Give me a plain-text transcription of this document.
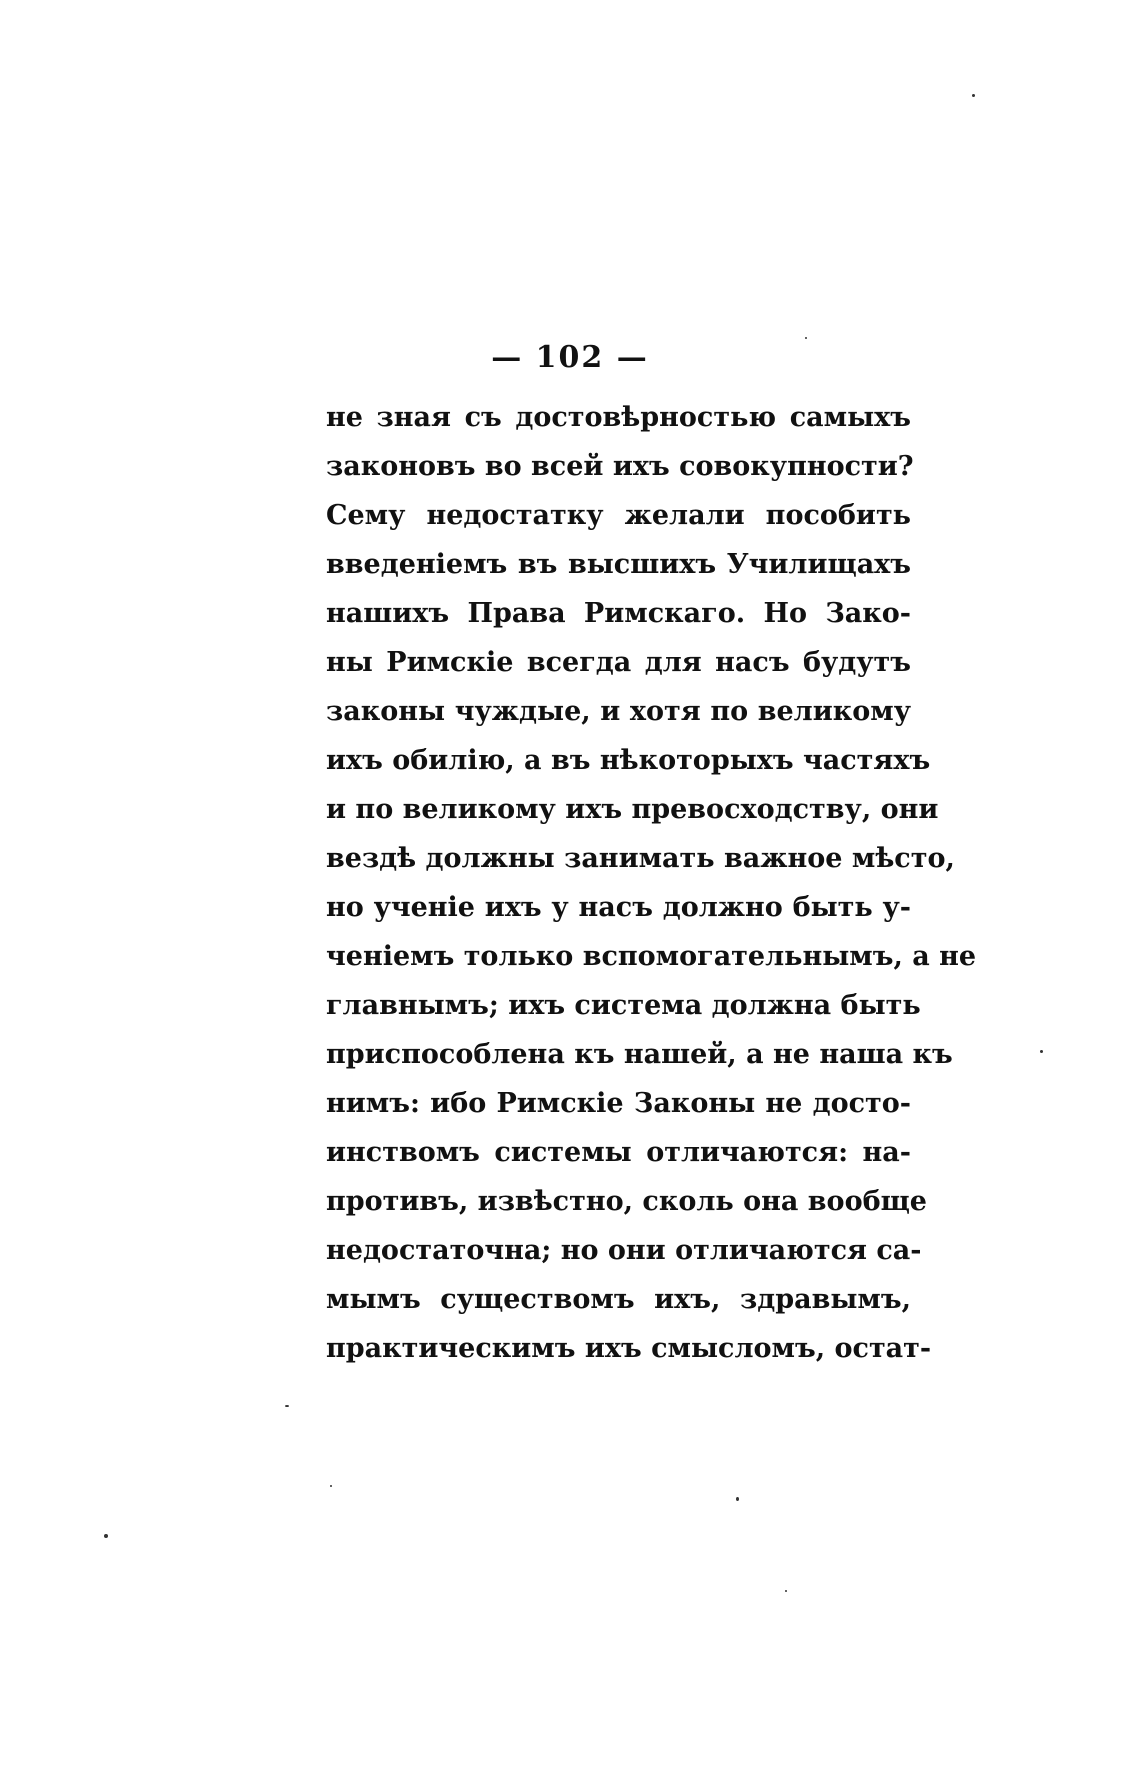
— 102 —
не зная съ достовѣрностью самыхъ
законовъ во всей ихъ совокупности?
Сему недостатку желали пособить
введеніемъ въ высшихъ Училищахъ
нашихъ Права Римскаго. Но Зако-
ны Римскіе всегда для насъ будутъ
законы чуждые, и хотя по великому
ихъ обилію, а въ нѣкоторыхъ частяхъ
и по великому ихъ превосходству, они
вездѣ должны занимать важное мѣсто,
но ученіе ихъ у насъ должно быть у-
ченіемъ только вспомогательнымъ, а не
главнымъ; ихъ система должна быть
приспособлена къ нашей, а не наша къ
нимъ: ибо Римскіе Законы не досто-
инствомъ системы отличаются: на-
противъ, извѣстно, сколь она вообще
недостаточна; но они отличаются са-
мымъ существомъ ихъ, здравымъ,
практическимъ ихъ смысломъ, остат-
